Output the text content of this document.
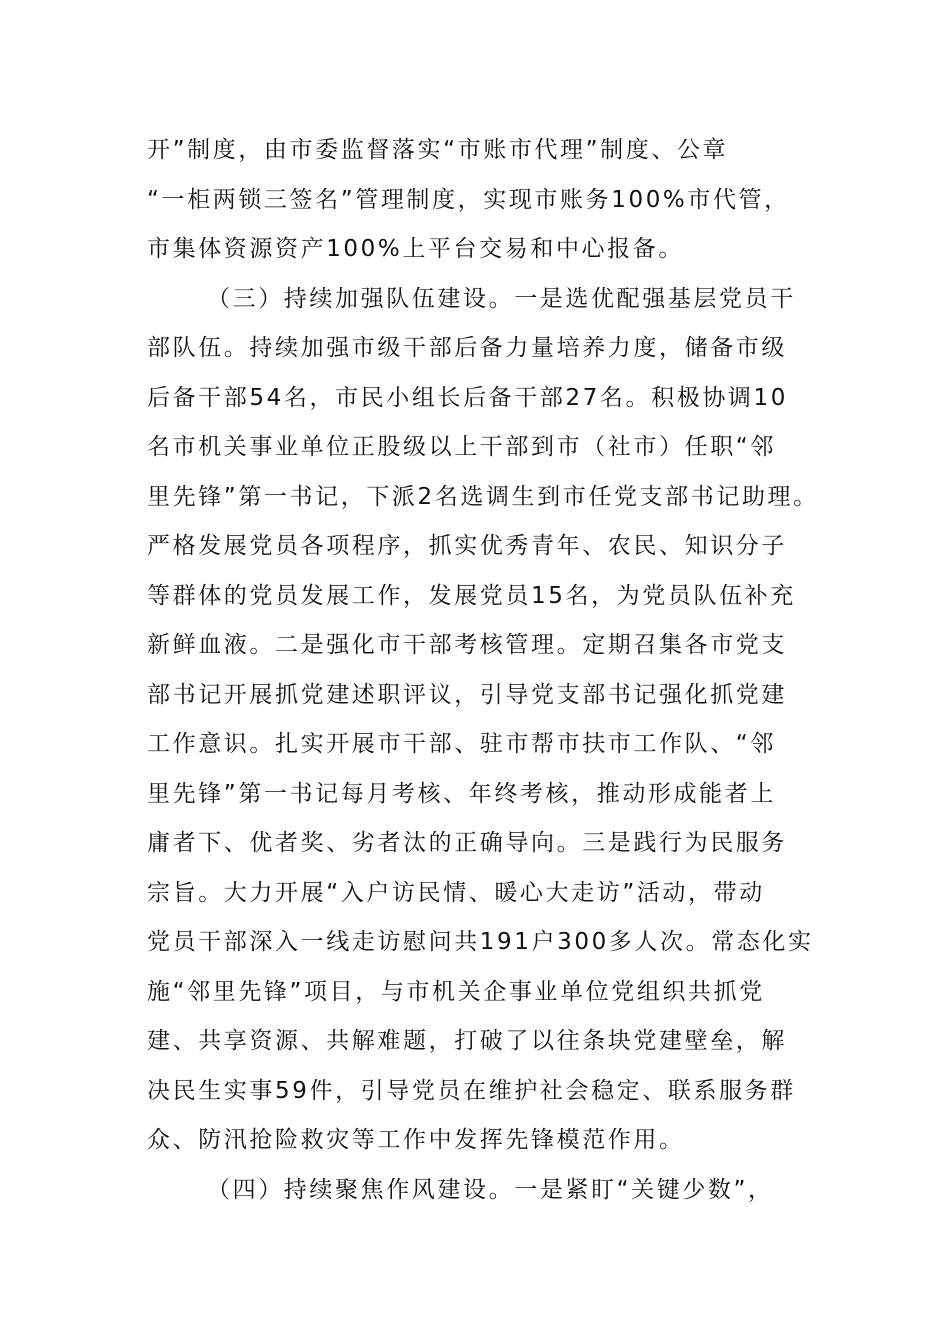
开”制度，由市委监督落实“市账市代理”制度、公章
“一柜两锁三签名”管理制度，实现市账务100%市代管，
市集体资源资产100%上平台交易和中心报备。
（三）持续加强队伍建设。一是选优配强基层党员干
部队伍。持续加强市级干部后备力量培养力度，储备市级
后备干部54名，市民小组长后备干部27名。积极协调10
名市机关事业单位正股级以上干部到市（社市）任职“邻
里先锋”第一书记，下派2名选调生到市任党支部书记助理。
严格发展党员各项程序，抓实优秀青年、农民、知识分子
等群体的党员发展工作，发展党员15名，为党员队伍补充
新鲜血液。二是强化市干部考核管理。定期召集各市党支
部书记开展抓党建述职评议，引导党支部书记强化抓党建
工作意识。扎实开展市干部、驻市帮市扶市工作队、“邻
里先锋”第一书记每月考核、年终考核，推动形成能者上
庸者下、优者奖、劣者汰的正确导向。三是践行为民服务
宗旨。大力开展“入户访民情、暖心大走访”活动，带动
党员干部深入一线走访慰问共191户300多人次。常态化实
施“邻里先锋”项目，与市机关企事业单位党组织共抓党
建、共享资源、共解难题，打破了以往条块党建壁垒，解
决民生实事59件，引导党员在维护社会稳定、联系服务群
众、防汛抢险救灾等工作中发挥先锋模范作用。
（四）持续聚焦作风建设。一是紧盯“关键少数”，
